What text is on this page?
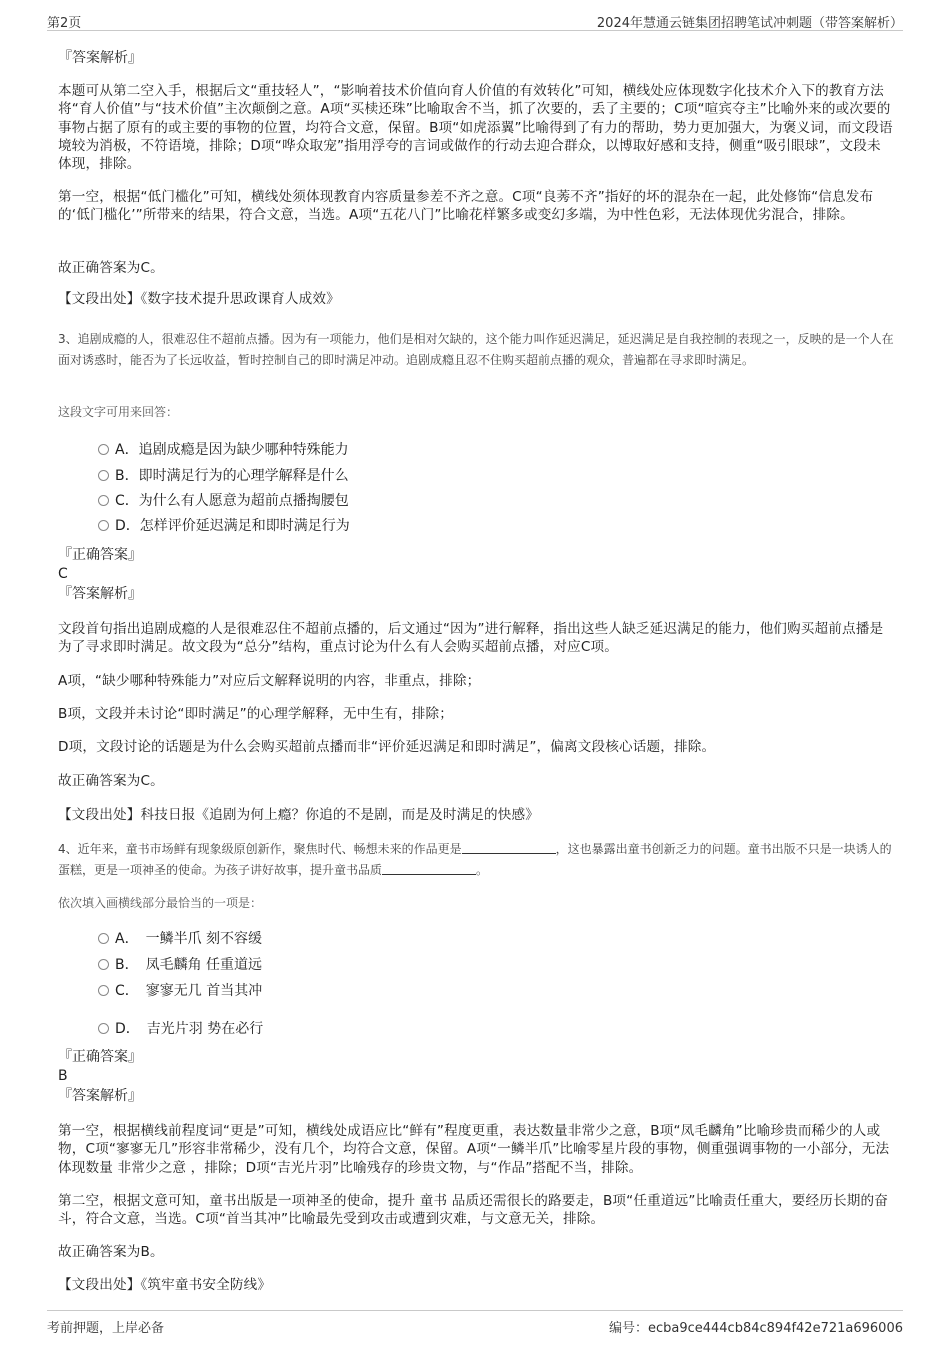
第2页	2024年慧通云链集团招聘笔试冲刺题（带答案解析）
『答案解析』
本题可从第二空入手，根据后文“重技轻人”，“影响着技术价值向育人价值的有效转化”可知，横线处应体现数字化技术介入下的教育方法将“育人价值”与“技术价值”主次颠倒之意。A项“买椟还珠”比喻取舍不当，抓了次要的，丢了主要的；C项“喧宾夺主”比喻外来的或次要的事物占据了原有的或主要的事物的位置，均符合文意，保留。B项“如虎添翼”比喻得到了有力的帮助，势力更加强大，为褒义词，而文段语境较为消极，不符语境，排除；D项“哗众取宠”指用浮夸的言词或做作的行动去迎合群众，以博取好感和支持，侧重“吸引眼球”，文段未体现，排除。
第一空，根据“低门槛化”可知，横线处须体现教育内容质量参差不齐之意。C项“良莠不齐”指好的坏的混杂在一起，此处修饰“信息发布的‘低门槛化’”所带来的结果，符合文意，当选。A项“五花八门”比喻花样繁多或变幻多端，为中性色彩，无法体现优劣混合，排除。
故正确答案为C。
【文段出处】《数字技术提升思政课育人成效》
3、追剧成瘾的人，很难忍住不超前点播。因为有一项能力，他们是相对欠缺的，这个能力叫作延迟满足，延迟满足是自我控制的表现之一，反映的是一个人在面对诱惑时，能否为了长远收益，暂时控制自己的即时满足冲动。追剧成瘾且忍不住购买超前点播的观众，普遍都在寻求即时满足。
这段文字可用来回答：
A．追剧成瘾是因为缺少哪种特殊能力
B．即时满足行为的心理学解释是什么
C．为什么有人愿意为超前点播掏腰包
D．怎样评价延迟满足和即时满足行为
『正确答案』
C
『答案解析』
文段首句指出追剧成瘾的人是很难忍住不超前点播的，后文通过“因为”进行解释，指出这些人缺乏延迟满足的能力，他们购买超前点播是为了寻求即时满足。故文段为“总分”结构，重点讨论为什么有人会购买超前点播，对应C项。
A项，“缺少哪种特殊能力”对应后文解释说明的内容，非重点，排除；
B项，文段并未讨论“即时满足”的心理学解释，无中生有，排除；
D项，文段讨论的话题是为什么会购买超前点播而非“评价延迟满足和即时满足”，偏离文段核心话题，排除。
故正确答案为C。
【文段出处】科技日报《追剧为何上瘾？你追的不是剧，而是及时满足的快感》
4、近年来，童书市场鲜有现象级原创新作，聚焦时代、畅想未来的作品更是	，这也暴露出童书创新乏力的问题。童书出版不只是一块诱人的蛋糕，更是一项神圣的使命。为孩子讲好故事，提升童书品质	。
依次填入画横线部分最恰当的一项是：
A．　一鳞半爪 刻不容缓
B．　凤毛麟角 任重道远
C．　寥寥无几 首当其冲
D．　吉光片羽 势在必行
『正确答案』
B
『答案解析』
第一空，根据横线前程度词“更是”可知，横线处成语应比“鲜有”程度更重，表达数量非常少之意，B项“凤毛麟角”比喻珍贵而稀少的人或物，C项“寥寥无几”形容非常稀少，没有几个，均符合文意，保留。A项“一鳞半爪”比喻零星片段的事物，侧重强调事物的一小部分，无法体现数量 非常少之意 ，排除；D项“吉光片羽”比喻残存的珍贵文物，与“作品”搭配不当，排除。
第二空，根据文意可知，童书出版是一项神圣的使命，提升 童书 品质还需很长的路要走，B项“任重道远”比喻责任重大，要经历长期的奋斗，符合文意，当选。C项“首当其冲”比喻最先受到攻击或遭到灾难，与文意无关，排除。
故正确答案为B。
【文段出处】《筑牢童书安全防线》
考前押题，上岸必备	编号：ecba9ce444cb84c894f42e721a696006
